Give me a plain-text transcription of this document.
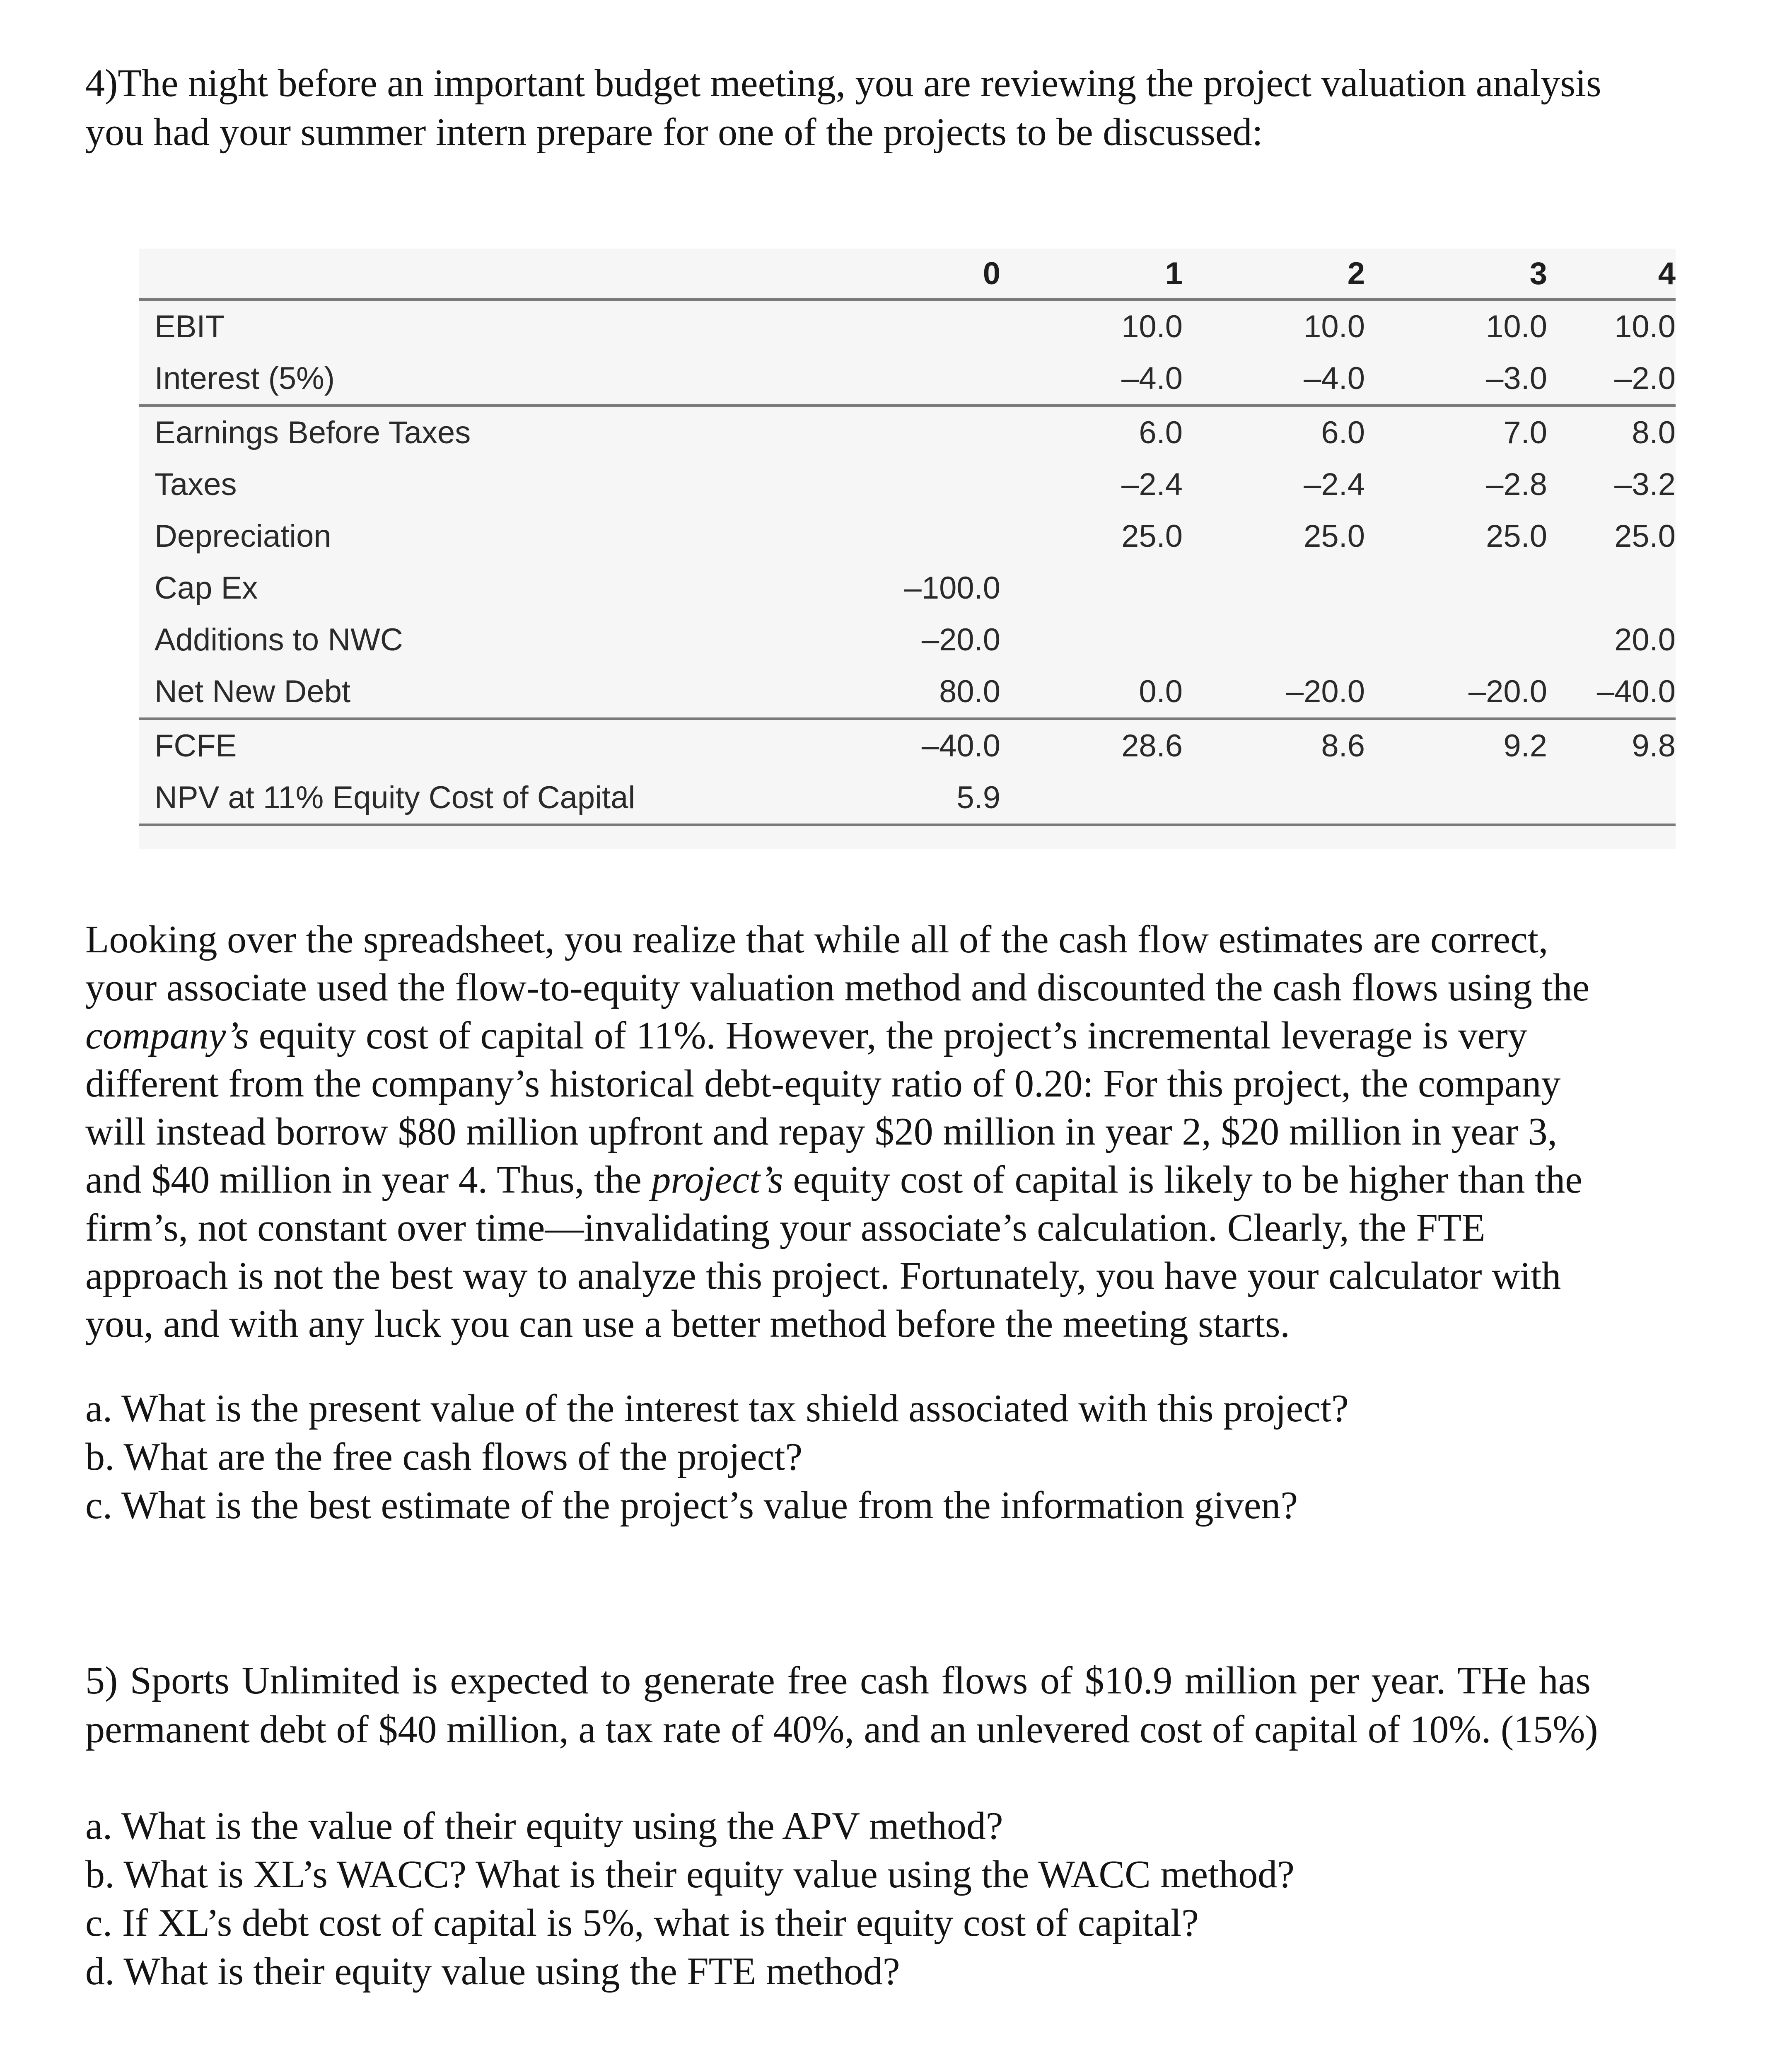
4)The night before an important budget meeting, you are reviewing the project valuation analysis
you had your summer intern prepare for one of the projects to be discussed:
	0	1	2	3	4
EBIT		10.0	10.0	10.0	10.0
Interest (5%)		–4.0	–4.0	–3.0	–2.0
Earnings Before Taxes		6.0	6.0	7.0	8.0
Taxes		–2.4	–2.4	–2.8	–3.2
Depreciation		25.0	25.0	25.0	25.0
Cap Ex	–100.0				
Additions to NWC	–20.0				20.0
Net New Debt	80.0	0.0	–20.0	–20.0	–40.0
FCFE	–40.0	28.6	8.6	9.2	9.8
NPV at 11% Equity Cost of Capital	5.9				
Looking over the spreadsheet, you realize that while all of the cash flow estimates are correct,
your associate used the flow-to-equity valuation method and discounted the cash flows using the
company’s equity cost of capital of 11%. However, the project’s incremental leverage is very
different from the company’s historical debt-equity ratio of 0.20: For this project, the company
will instead borrow $80 million upfront and repay $20 million in year 2, $20 million in year 3,
and $40 million in year 4. Thus, the project’s equity cost of capital is likely to be higher than the
firm’s, not constant over time—invalidating your associate’s calculation. Clearly, the FTE
approach is not the best way to analyze this project. Fortunately, you have your calculator with
you, and with any luck you can use a better method before the meeting starts.
a. What is the present value of the interest tax shield associated with this project?
b. What are the free cash flows of the project?
c. What is the best estimate of the project’s value from the information given?
5) Sports Unlimited is expected to generate free cash flows of $10.9 million per year. THe has
permanent debt of $40 million, a tax rate of 40%, and an unlevered cost of capital of 10%. (15%)
a. What is the value of their equity using the APV method?
b. What is XL’s WACC? What is their equity value using the WACC method?
c. If XL’s debt cost of capital is 5%, what is their equity cost of capital?
d. What is their equity value using the FTE method?
